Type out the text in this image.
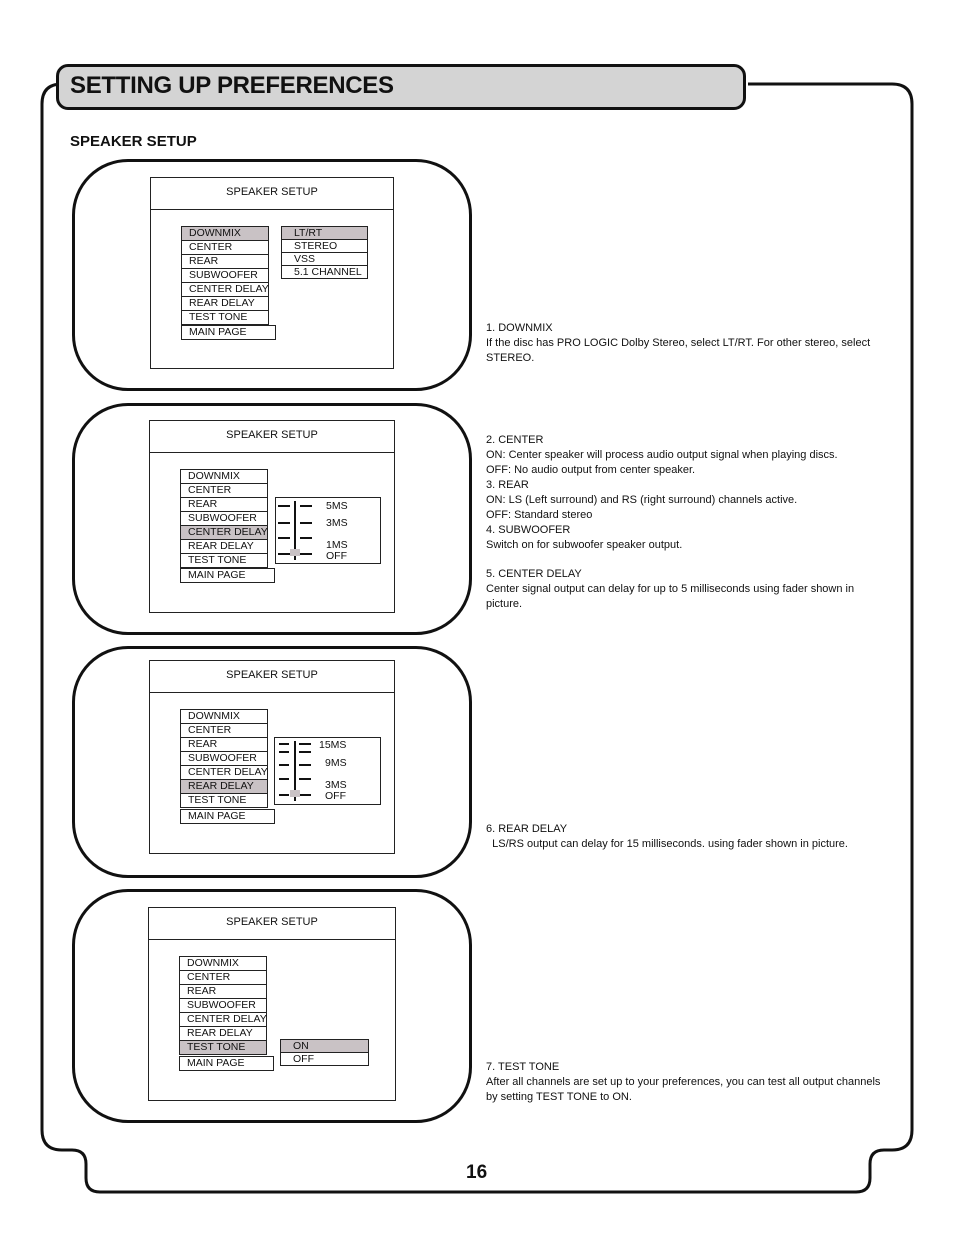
SETTING UP PREFERENCES
SPEAKER SETUP
SPEAKER SETUP
DOWNMIX
CENTER
REAR
SUBWOOFER
CENTER DELAY
REAR DELAY
TEST TONE
MAIN PAGE
LT/RT
STEREO
VSS
5.1 CHANNEL

1. DOWNMIX

If the disc has PRO LOGIC Dolby Stereo, select LT/RT. For other stereo, select STEREO.

SPEAKER SETUP
DOWNMIX
CENTER
REAR
SUBWOOFER
CENTER DELAY
REAR DELAY
TEST TONE
MAIN PAGE
5MS
3MS
1MS
OFF

2. CENTER

ON: Center speaker will process audio output signal when playing discs.

OFF: No audio output from center speaker.

3. REAR

ON: LS (Left surround) and RS (right surround) channels active.

OFF: Standard stereo

4. SUBWOOFER

Switch on for subwoofer speaker output.

5. CENTER DELAY

Center signal output can delay for up to 5 milliseconds using fader shown in picture.

SPEAKER SETUP
DOWNMIX
CENTER
REAR
SUBWOOFER
CENTER DELAY
REAR DELAY
TEST TONE
MAIN PAGE
15MS
9MS
3MS
OFF

6. REAR DELAY

LS/RS output can delay for 15 milliseconds. using fader shown in picture.

SPEAKER SETUP
DOWNMIX
CENTER
REAR
SUBWOOFER
CENTER DELAY
REAR DELAY
TEST TONE
MAIN PAGE
ON
OFF

7. TEST TONE

After all channels are set up to your preferences, you can test all output channels by setting TEST TONE to ON.

16
